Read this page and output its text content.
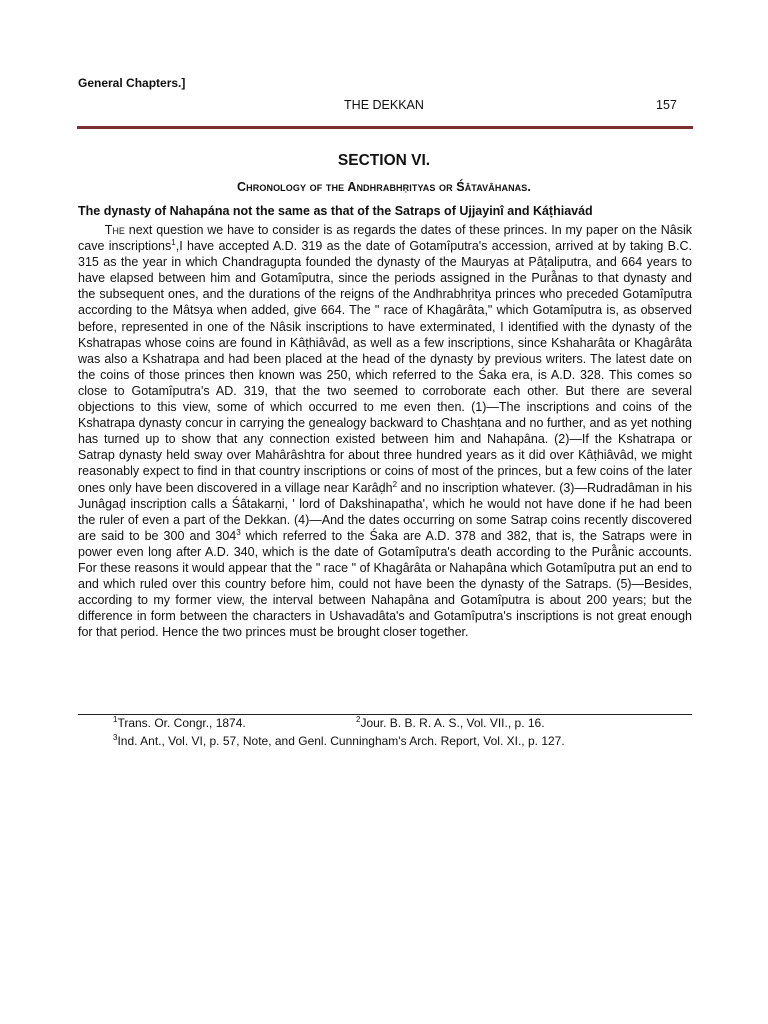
General Chapters.]
THE DEKKAN	157
SECTION VI.
Chronology of the Andhrabhṛityas or Śâtavâhanas.
The dynasty of Nahapána not the same as that of the Satraps of Ujjayinî and Káṭhiavád
The next question we have to consider is as regards the dates of these princes. In my paper on the Nâsik cave inscriptions$^1$,I have accepted A.D. 319 as the date of Gotamîputra's accession, arrived at by taking B.C. 315 as the year in which Chandragupta founded the dynasty of the Mauryas at Pâṭaliputra, and 664 years to have elapsed between him and Gotamîputra, since the periods assigned in the Purâ̂nas to that dynasty and the subsequent ones, and the durations of the reigns of the Andhrabhṛitya princes who preceded Gotamîputra according to the Mâtsya when added, give 664. The " race of Khagârâta," which Gotamîputra is, as observed before, represented in one of the Nâsik inscriptions to have exterminated, I identified with the dynasty of the Kshatrapas whose coins are found in Kâṭhiâvâd, as well as a few inscriptions, since Kshaharâta or Khagârâta was also a Kshatrapa and had been placed at the head of the dynasty by previous writers. The latest date on the coins of those princes then known was 250, which referred to the Śaka era, is A.D. 328. This comes so close to Gotamîputra's AD. 319, that the two seemed to corroborate each other. But there are several objections to this view, some of which occurred to me even then. (1)—The inscriptions and coins of the Kshatrapa dynasty concur in carrying the genealogy backward to Chashṭana and no further, and as yet nothing has turned up to show that any connection existed between him and Nahapâna. (2)—If the Kshatrapa or Satrap dynasty held sway over Mahârâshtra for about three hundred years as it did over Kâṭhiâvâd, we might reasonably expect to find in that country inscriptions or coins of most of the princes, but a few coins of the later ones only have been discovered in a village near Karâḍh$^2$ and no inscription whatever. (3)—Rudradâman in his Junâgaḍ inscription calls a Śâtakarṇi, ' lord of Dakshinapatha', which he would not have done if he had been the ruler of even a part of the Dekkan. (4)—And the dates occurring on some Satrap coins recently discovered are said to be 300 and $304^3$ which referred to the Śaka are A.D. 378 and 382, that is, the Satraps were in power even long after A.D. 340, which is the date of Gotamîputra's death according to the Purâ̂nic accounts. For these reasons it would appear that the " race " of Khagârâta or Nahapâna which Gotamîputra put an end to and which ruled over this country before him, could not have been the dynasty of the Satraps. (5)—Besides, according to my former view, the interval between Nahapâna and Gotamîputra is about 200 years; but the difference in form between the characters in Ushavadâta's and Gotamîputra's inscriptions is not great enough for that period. Hence the two princes must be brought closer together.
$^1$Trans. Or. Congr., 1874.	$^2$Jour. B. B. R. A. S., Vol. VII., p. 16.
$^3$Ind. Ant., Vol. VI, p. 57, Note, and Genl. Cunningham's Arch. Report, Vol. XI., p. 127.
